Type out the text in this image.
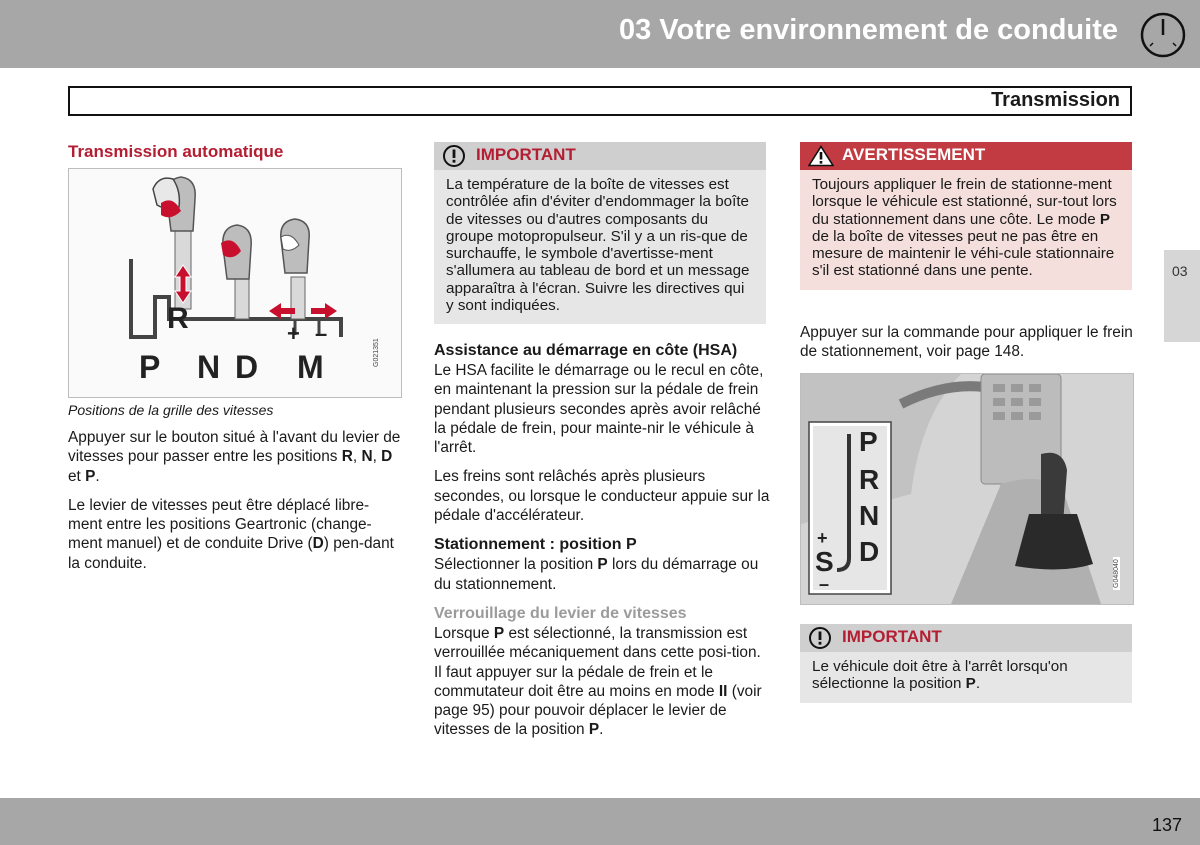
03 Votre environnement de conduite
Transmission
03
Transmission automatique
R	+ –
P N D M	G021351
Positions de la grille des vitesses

Appuyer sur le bouton situé à l'avant du levier de vitesses pour passer entre les positions R, N, D et P.

Le levier de vitesses peut être déplacé libre-ment entre les positions Geartronic (change-ment manuel) et de conduite Drive (D) pen-dant la conduite.

IMPORTANT
La température de la boîte de vitesses est contrôlée afin d'éviter d'endommager la boîte de vitesses ou d'autres composants du groupe motopropulseur. S'il y a un ris-que de surchauffe, le symbole d'avertisse-ment s'allumera au tableau de bord et un message apparaîtra à l'écran. Suivre les directives qui y sont indiquées.
Assistance au démarrage en côte (HSA)

Le HSA facilite le démarrage ou le recul en côte, en maintenant la pression sur la pédale de frein pendant plusieurs secondes après avoir relâché la pédale de frein, pour mainte-nir le véhicule à l'arrêt.

Les freins sont relâchés après plusieurs secondes, ou lorsque le conducteur appuie sur la pédale d'accélérateur.

Stationnement : position P

Sélectionner la position P lors du démarrage ou du stationnement.

Verrouillage du levier de vitesses

Lorsque P est sélectionné, la transmission est verrouillée mécaniquement dans cette posi-tion. Il faut appuyer sur la pédale de frein et le commutateur doit être au moins en mode II (voir page 95) pour pouvoir déplacer le levier de vitesses de la position P.

AVERTISSEMENT
Toujours appliquer le frein de stationne-ment lorsque le véhicule est stationné, sur-tout lors du stationnement dans une côte. Le mode P de la boîte de vitesses peut ne pas être en mesure de maintenir le véhi-cule stationnaire s'il est stationné dans une pente.
Appuyer sur la commande pour appliquer le frein de stationnement, voir page 148.
P
R
N
D
+
S
–	G048040
IMPORTANT
Le véhicule doit être à l'arrêt lorsqu'on sélectionne la position P.
137
